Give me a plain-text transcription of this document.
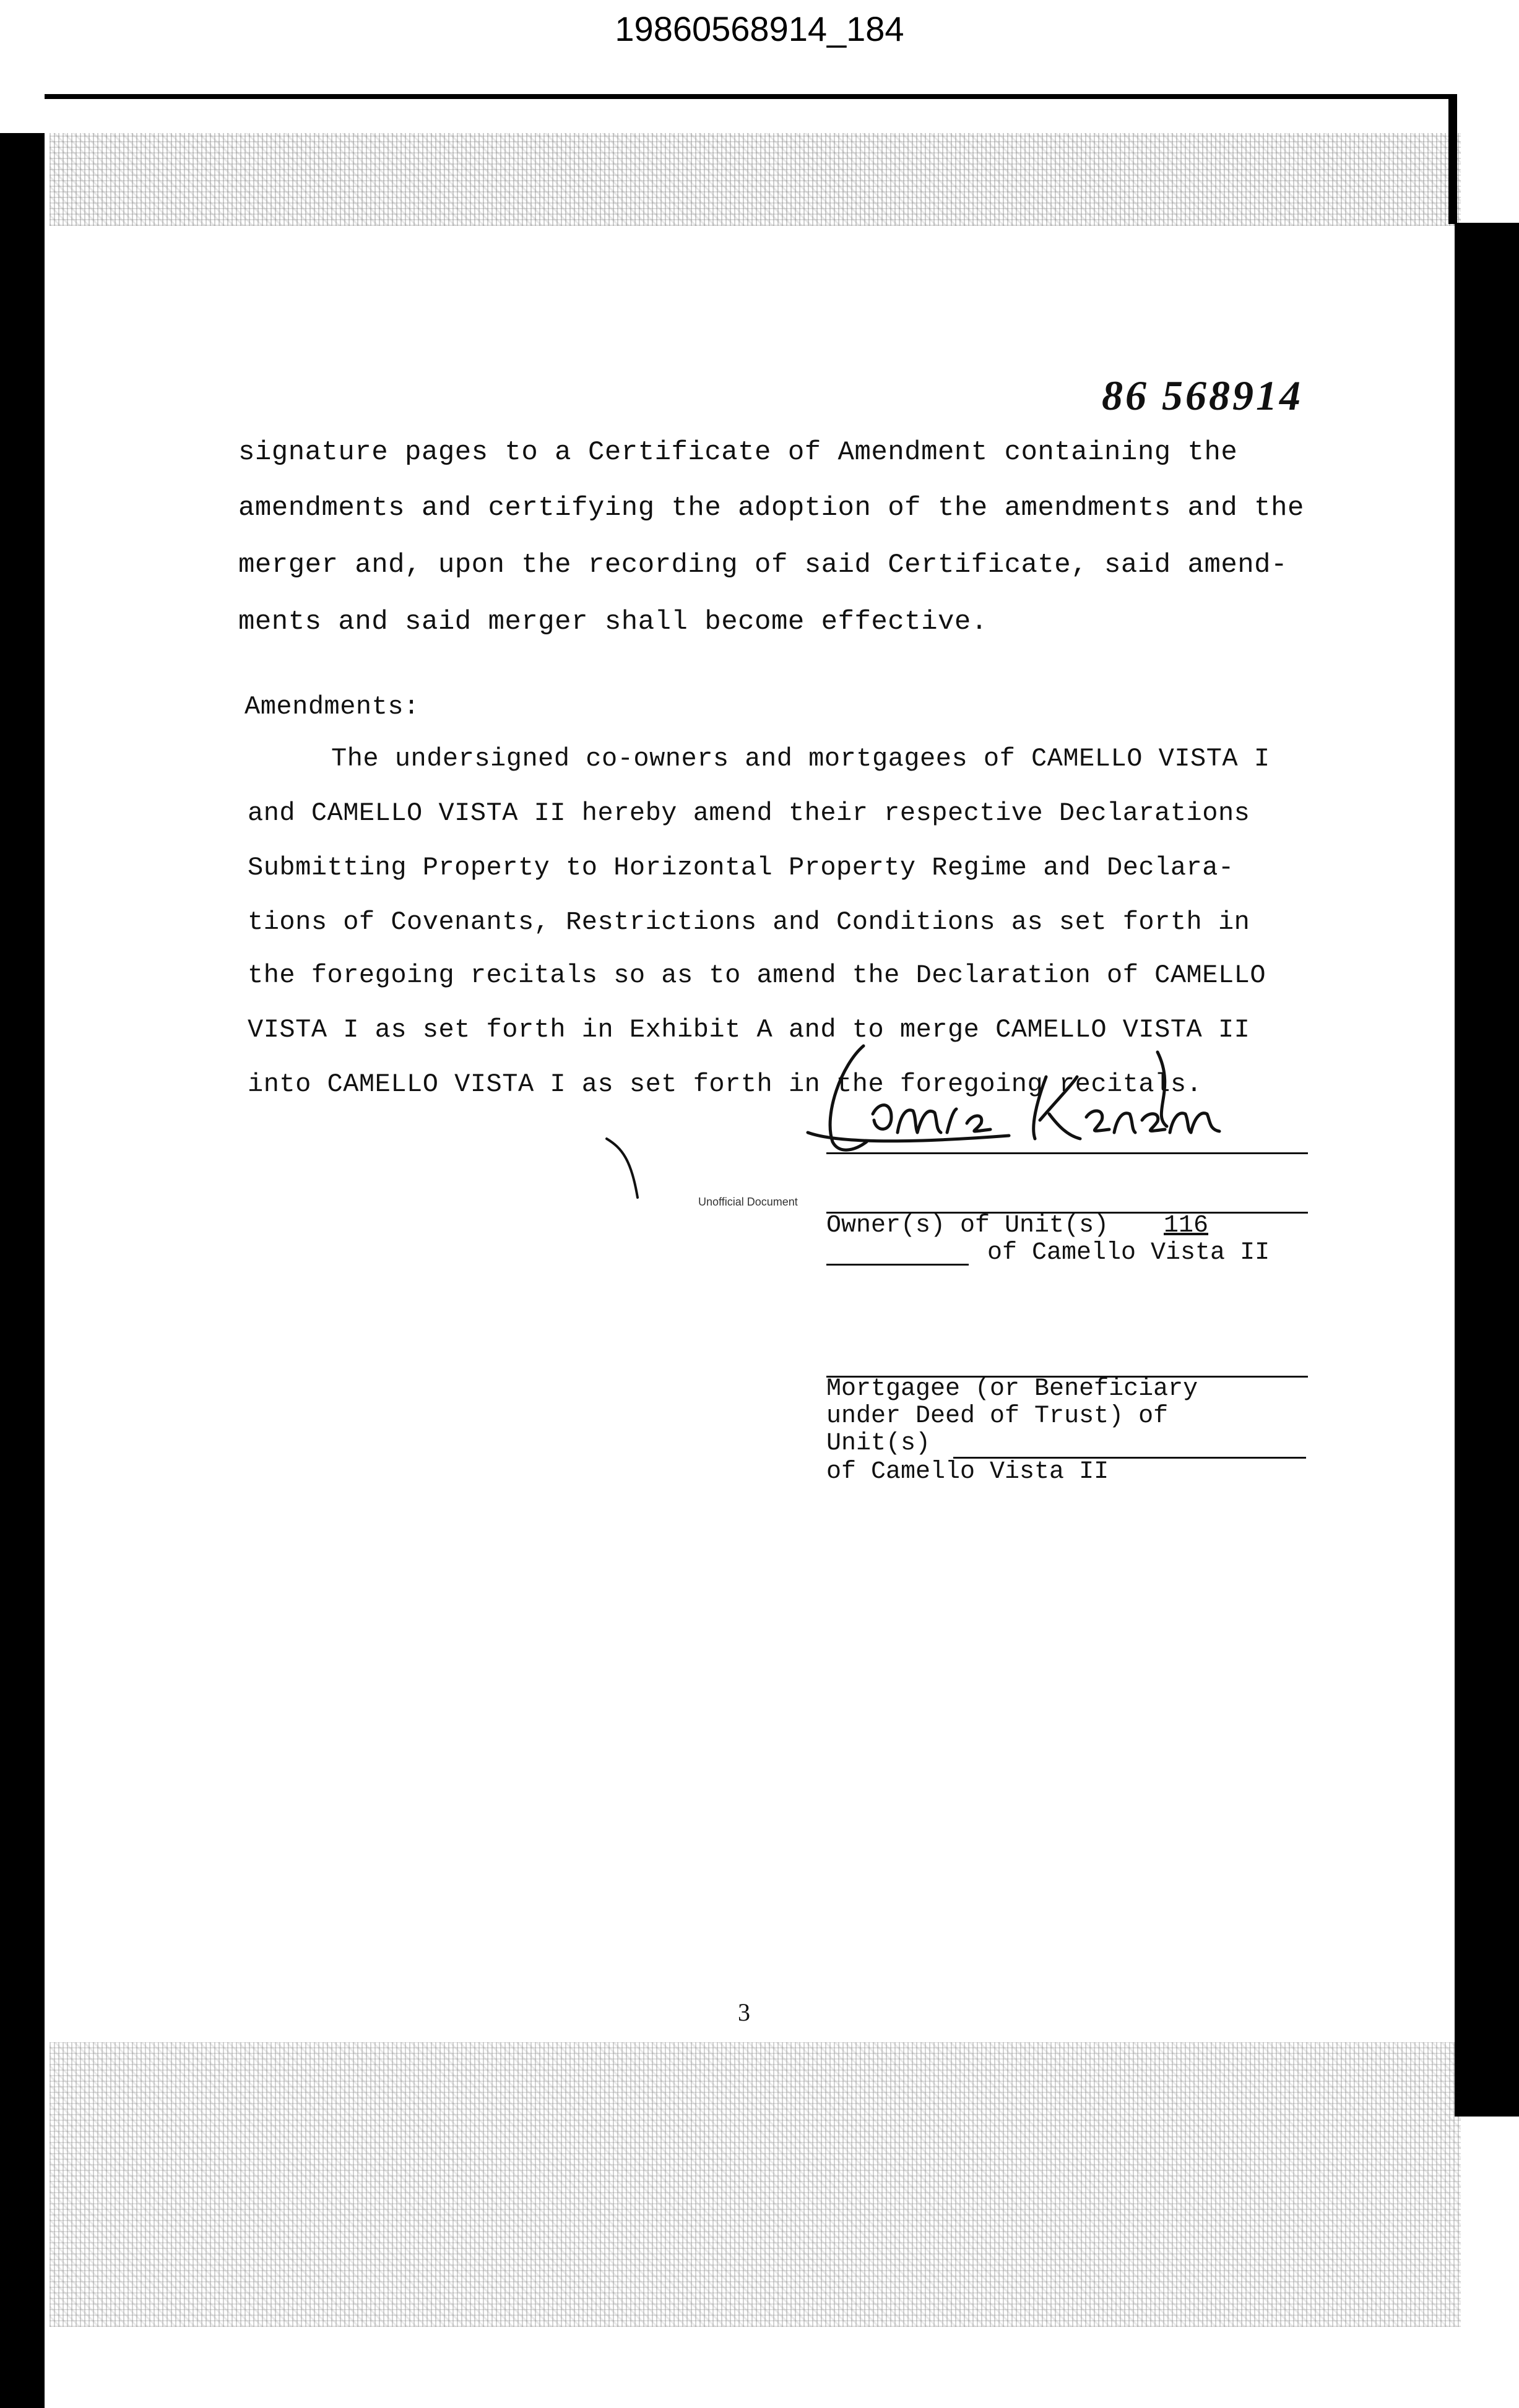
19860568914_184
86 568914
signature pages to a Certificate of Amendment containing the
amendments and certifying the adoption of the amendments and the
merger and, upon the recording of said Certificate, said amend-
ments and said merger shall become effective.
Amendments:
The undersigned co-owners and mortgagees of CAMELLO VISTA I
and CAMELLO VISTA II hereby amend their respective Declarations
Submitting Property to Horizontal Property Regime and Declara-
tions of Covenants, Restrictions and Conditions as set forth in
the foregoing recitals so as to amend the Declaration of CAMELLO
VISTA I as set forth in Exhibit A and to merge CAMELLO VISTA II
into CAMELLO VISTA I as set forth in the foregoing recitals.
Unofficial Document
Owner(s) of Unit(s) 116
of Camello Vista II
Mortgagee (or Beneficiary
under Deed of Trust) of
Unit(s)
of Camello Vista II
3
